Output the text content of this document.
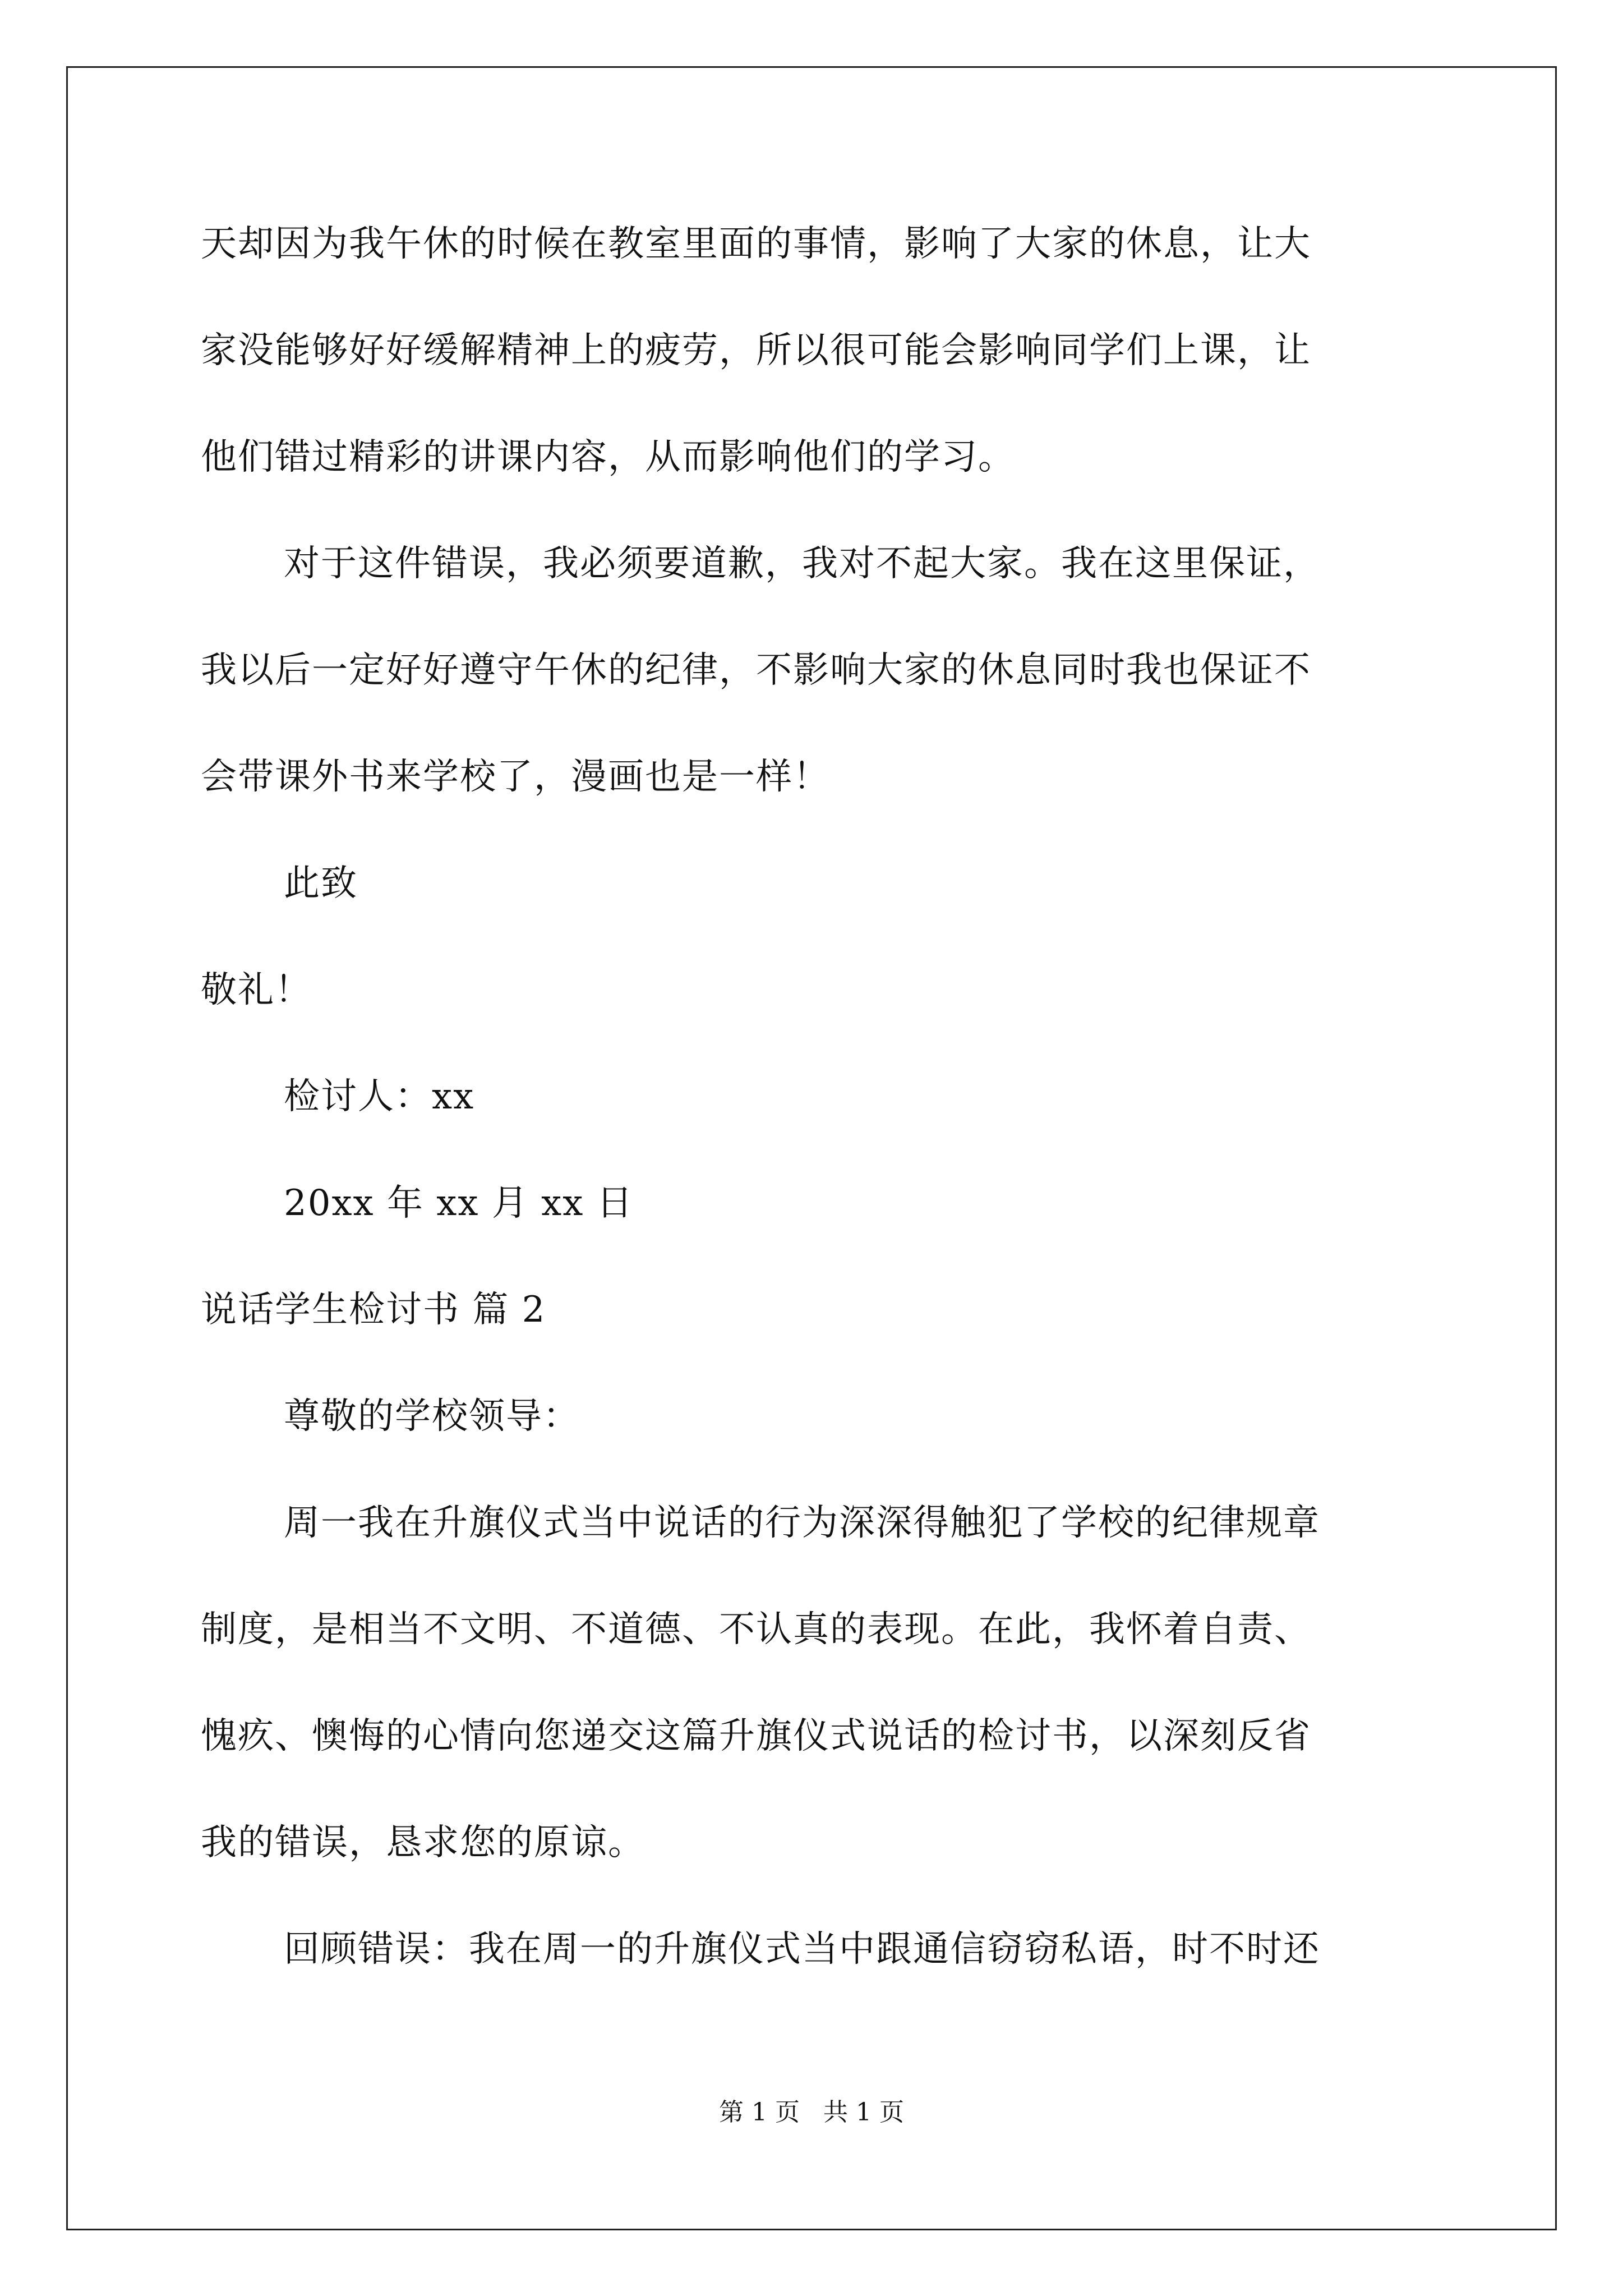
天却因为我午休的时候在教室里面的事情，影响了大家的休息，让大
家没能够好好缓解精神上的疲劳，所以很可能会影响同学们上课，让
他们错过精彩的讲课内容，从而影响他们的学习。
对于这件错误，我必须要道歉，我对不起大家。我在这里保证，
我以后一定好好遵守午休的纪律，不影响大家的休息同时我也保证不
会带课外书来学校了，漫画也是一样！
此致
敬礼！
检讨人：xx
20xx 年 xx 月 xx 日
说话学生检讨书 篇 2
尊敬的学校领导：
周一我在升旗仪式当中说话的行为深深得触犯了学校的纪律规章
制度，是相当不文明、不道德、不认真的表现。在此，我怀着自责、
愧疚、懊悔的心情向您递交这篇升旗仪式说话的检讨书，以深刻反省
我的错误，恳求您的原谅。
回顾错误：我在周一的升旗仪式当中跟通信窃窃私语，时不时还
第 1 页   共 1 页
